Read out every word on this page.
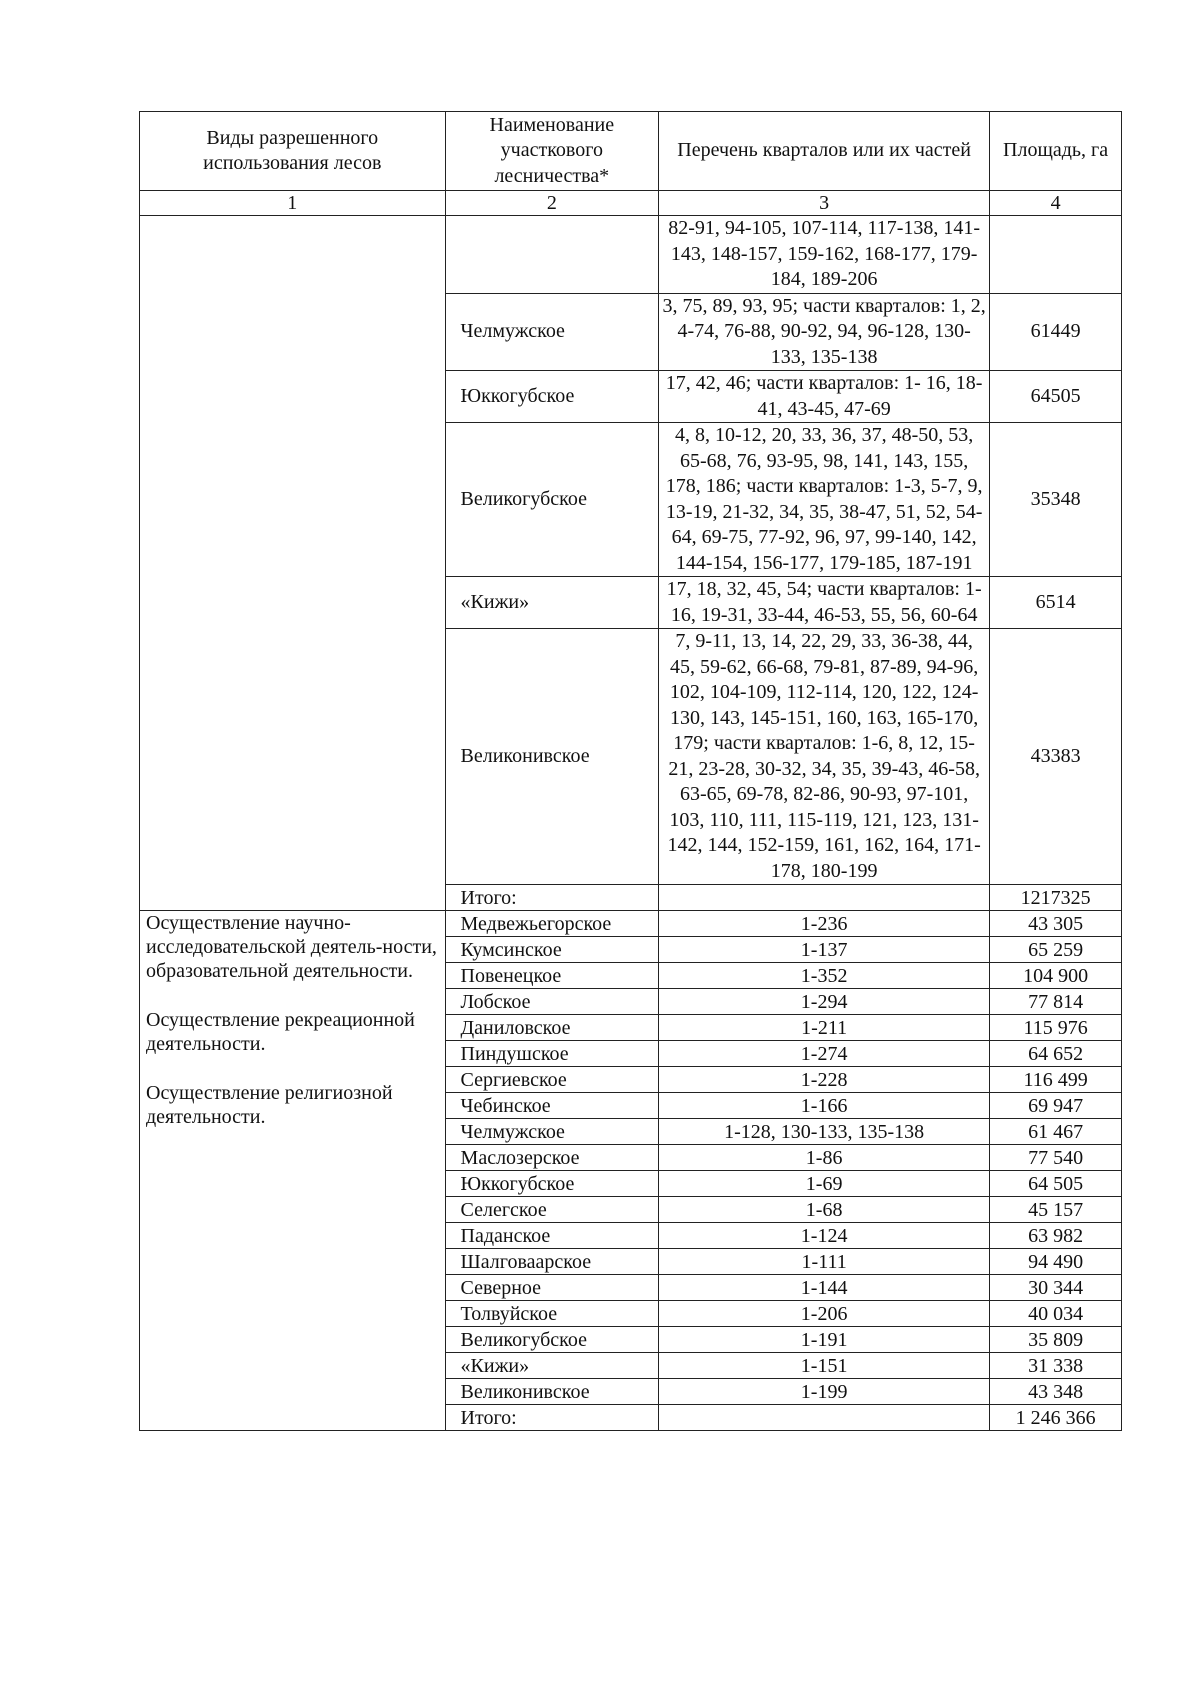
Виды разрешенного использования лесов	Наименование участкового лесничества*	Перечень кварталов или их частей	Площадь, га
1	2	3	4
		82-91, 94-105, 107-114, 117-138, 141-143, 148-157, 159-162, 168-177, 179-184, 189-206	
	Челмужское	3, 75, 89, 93, 95; части кварталов: 1, 2, 4-74, 76-88, 90-92, 94, 96-128, 130-133, 135-138	61449
	Юккогубское	17, 42, 46; части кварталов: 1- 16, 18-41, 43-45, 47-69	64505
	Великогубское	4, 8, 10-12, 20, 33, 36, 37, 48-50, 53, 65-68, 76, 93-95, 98, 141, 143, 155, 178, 186; части кварталов: 1-3, 5-7, 9, 13-19, 21-32, 34, 35, 38-47, 51, 52, 54-64, 69-75, 77-92, 96, 97, 99-140, 142, 144-154, 156-177, 179-185, 187-191	35348
	«Кижи»	17, 18, 32, 45, 54; части кварталов: 1-16, 19-31, 33-44, 46-53, 55, 56, 60-64	6514
	Великонивское	7, 9-11, 13, 14, 22, 29, 33, 36-38, 44, 45, 59-62, 66-68, 79-81, 87-89, 94-96, 102, 104-109, 112-114, 120, 122, 124-130, 143, 145-151, 160, 163, 165-170, 179; части кварталов: 1-6, 8, 12, 15-21, 23-28, 30-32, 34, 35, 39-43, 46-58, 63-65, 69-78, 82-86, 90-93, 97-101, 103, 110, 111, 115-119, 121, 123, 131-142, 144, 152-159, 161, 162, 164, 171-178, 180-199	43383
	Итого:		1217325

Осуществление научно-исследовательской деятель-ности, образовательной деятельности.

Осуществление рекреационной деятельности.

Осуществление религиозной деятельности.	Медвежьегорское	1-236	43 305
	Кумсинское	1-137	65 259
	Повенецкое	1-352	104 900
	Лобское	1-294	77 814
	Даниловское	1-211	115 976
	Пиндушское	1-274	64 652
	Сергиевское	1-228	116 499
	Чебинское	1-166	69 947
	Челмужское	1-128, 130-133, 135-138	61 467
	Маслозерское	1-86	77 540
	Юккогубское	1-69	64 505
	Селегское	1-68	45 157
	Паданское	1-124	63 982
	Шалговаарское	1-111	94 490
	Северное	1-144	30 344
	Толвуйское	1-206	40 034
	Великогубское	1-191	35 809
	«Кижи»	1-151	31 338
	Великонивское	1-199	43 348
	Итого:		1 246 366
